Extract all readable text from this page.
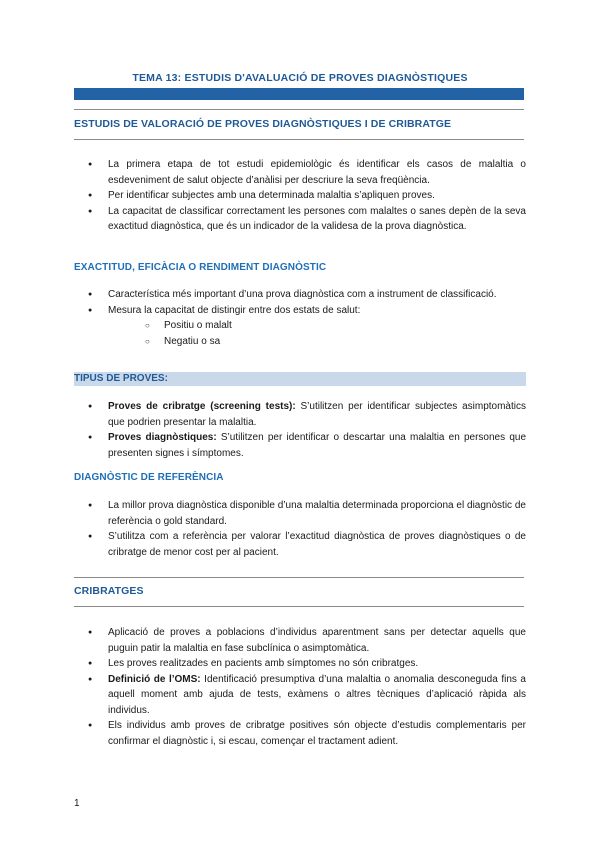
TEMA 13: ESTUDIS D'AVALUACIÓ DE PROVES DIAGNÒSTIQUES
ESTUDIS DE VALORACIÓ DE PROVES DIAGNÒSTIQUES I DE CRIBRATGE
● La primera etapa de tot estudi epidemiològic és identificar els casos de malaltia o esdeveniment de salut objecte d’anàlisi per descriure la seva freqüència.
● Per identificar subjectes amb una determinada malaltia s’apliquen proves.
● La capacitat de classificar correctament les persones com malaltes o sanes depèn de la seva exactitud diagnòstica, que és un indicador de la validesa de la prova diagnòstica.
EXACTITUD, EFICÀCIA O RENDIMENT DIAGNÒSTIC
● Característica més important d’una prova diagnòstica com a instrument de classificació.
● Mesura la capacitat de distingir entre dos estats de salut:
○ Positiu o malalt
○ Negatiu o sa
TIPUS DE PROVES:
● Proves de cribratge (screening tests): S’utilitzen per identificar subjectes asimptomàtics que podrien presentar la malaltia.
● Proves diagnòstiques: S’utilitzen per identificar o descartar una malaltia en persones que presenten signes i símptomes.
DIAGNÒSTIC DE REFERÈNCIA
● La millor prova diagnòstica disponible d’una malaltia determinada proporciona el diagnòstic de referència o gold standard.
● S’utilitza com a referència per valorar l’exactitud diagnòstica de proves diagnòstiques o de cribratge de menor cost per al pacient.
CRIBRATGES
● Aplicació de proves a poblacions d’individus aparentment sans per detectar aquells que puguin patir la malaltia en fase subclínica o asimptomàtica.
● Les proves realitzades en pacients amb símptomes no són cribratges.
● Definició de l’OMS: Identificació presumptiva d’una malaltia o anomalia desconeguda fins a aquell moment amb ajuda de tests, exàmens o altres tècniques d’aplicació ràpida als individus.
● Els individus amb proves de cribratge positives són objecte d’estudis complementaris per confirmar el diagnòstic i, si escau, començar el tractament adient.
1
